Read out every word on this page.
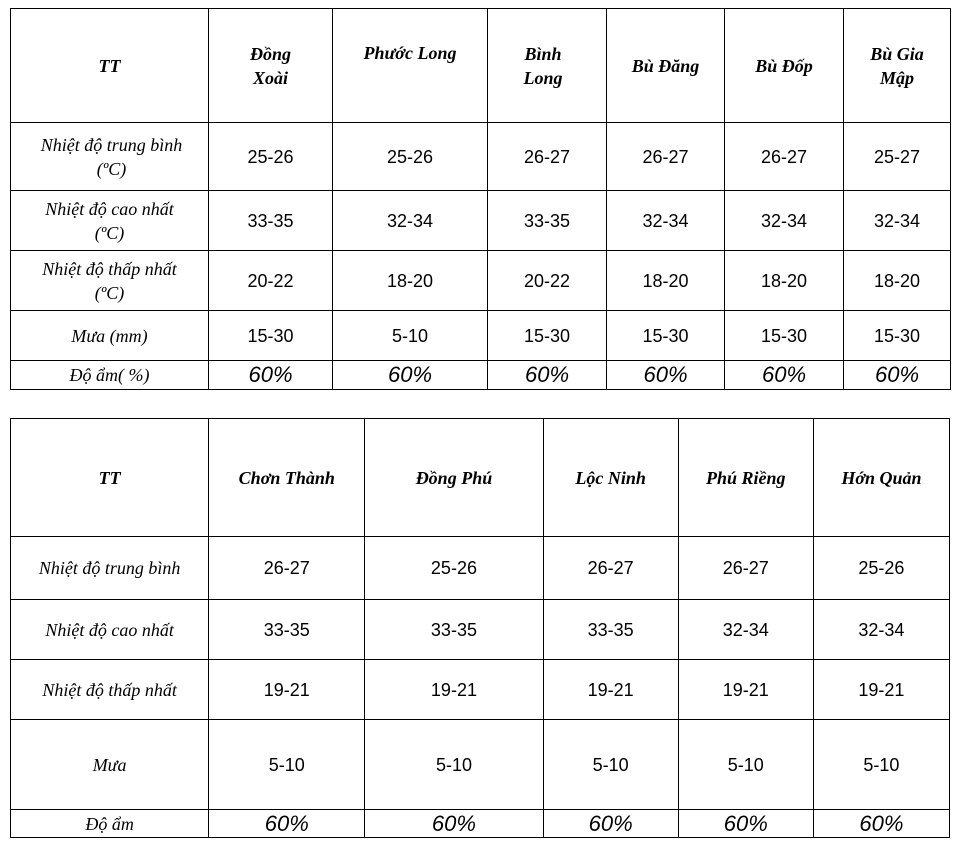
TT	Đồng Xoài	Phước Long	Bình Long	Bù Đăng	Bù Đốp	Bù Gia Mập
Nhiệt độ trung bình (ºC)	25-26	25-26	26-27	26-27	26-27	25-27
Nhiệt độ cao nhất (ºC)	33-35	32-34	33-35	32-34	32-34	32-34
Nhiệt độ thấp nhất (ºC)	20-22	18-20	20-22	18-20	18-20	18-20
Mưa (mm)	15-30	5-10	15-30	15-30	15-30	15-30
Độ ẩm( %)	60%	60%	60%	60%	60%	60%
TT	Chơn Thành	Đồng Phú	Lộc Ninh	Phú Riềng	Hớn Quản
Nhiệt độ trung bình	26-27	25-26	26-27	26-27	25-26
Nhiệt độ cao nhất	33-35	33-35	33-35	32-34	32-34
Nhiệt độ thấp nhất	19-21	19-21	19-21	19-21	19-21
Mưa	5-10	5-10	5-10	5-10	5-10
Độ ẩm	60%	60%	60%	60%	60%
